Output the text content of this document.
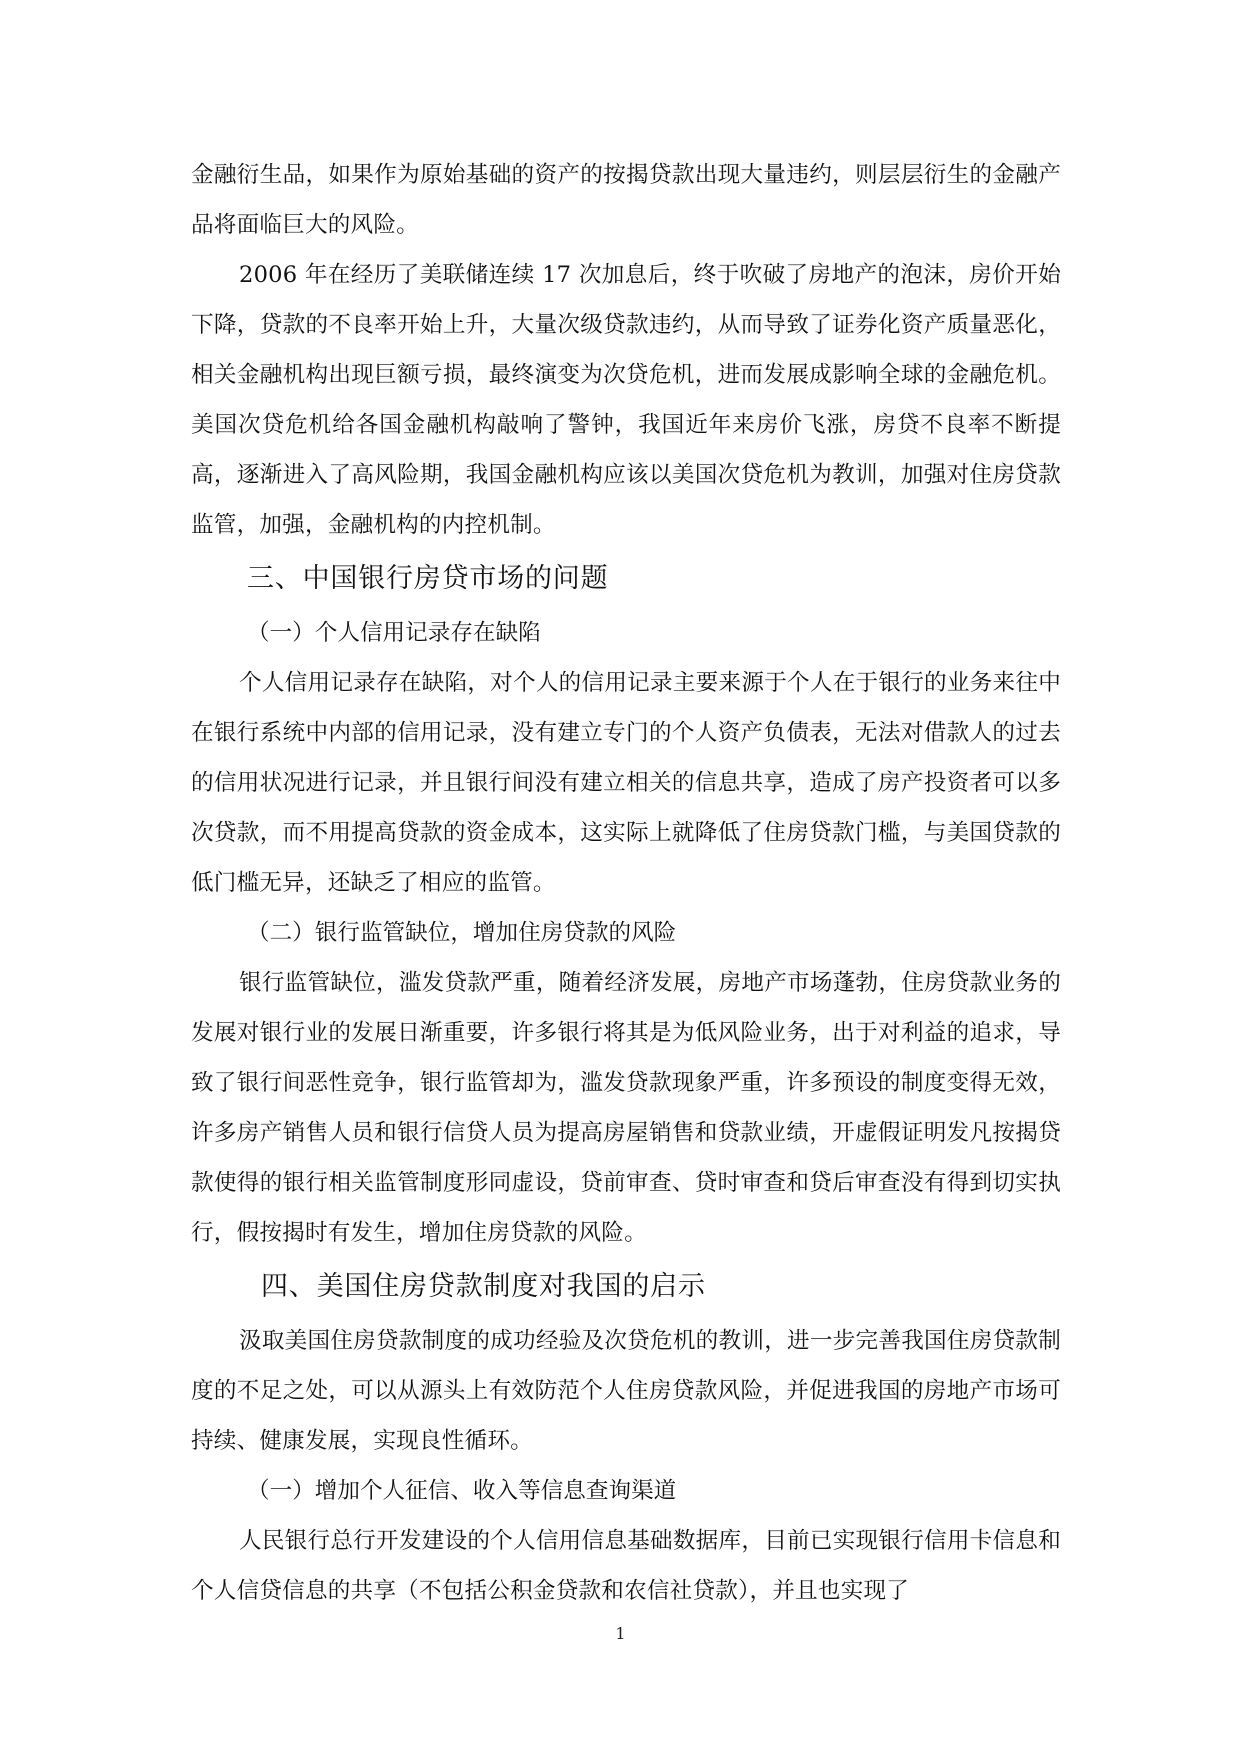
金融衍生品，如果作为原始基础的资产的按揭贷款出现大量违约，则层层衍生的金融产品将面临巨大的风险。

2006 年在经历了美联储连续 17 次加息后，终于吹破了房地产的泡沫，房价开始下降，贷款的不良率开始上升，大量次级贷款违约，从而导致了证券化资产质量恶化，相关金融机构出现巨额亏损，最终演变为次贷危机，进而发展成影响全球的金融危机。美国次贷危机给各国金融机构敲响了警钟，我国近年来房价飞涨，房贷不良率不断提高，逐渐进入了高风险期，我国金融机构应该以美国次贷危机为教训，加强对住房贷款监管，加强，金融机构的内控机制。

三、中国银行房贷市场的问题
（一）个人信用记录存在缺陷

个人信用记录存在缺陷，对个人的信用记录主要来源于个人在于银行的业务来往中在银行系统中内部的信用记录，没有建立专门的个人资产负债表，无法对借款人的过去的信用状况进行记录，并且银行间没有建立相关的信息共享，造成了房产投资者可以多次贷款，而不用提高贷款的资金成本，这实际上就降低了住房贷款门槛，与美国贷款的低门槛无异，还缺乏了相应的监管。

（二）银行监管缺位，增加住房贷款的风险

银行监管缺位，滥发贷款严重，随着经济发展，房地产市场蓬勃，住房贷款业务的发展对银行业的发展日渐重要，许多银行将其是为低风险业务，出于对利益的追求，导致了银行间恶性竞争，银行监管却为，滥发贷款现象严重，许多预设的制度变得无效，许多房产销售人员和银行信贷人员为提高房屋销售和贷款业绩，开虚假证明发凡按揭贷款使得的银行相关监管制度形同虚设，贷前审查、贷时审查和贷后审查没有得到切实执行，假按揭时有发生，增加住房贷款的风险。

四、美国住房贷款制度对我国的启示

汲取美国住房贷款制度的成功经验及次贷危机的教训，进一步完善我国住房贷款制度的不足之处，可以从源头上有效防范个人住房贷款风险，并促进我国的房地产市场可持续、健康发展，实现良性循环。

（一）增加个人征信、收入等信息查询渠道

人民银行总行开发建设的个人信用信息基础数据库，目前已实现银行信用卡信息和个人信贷信息的共享（不包括公积金贷款和农信社贷款），并且也实现了

1
